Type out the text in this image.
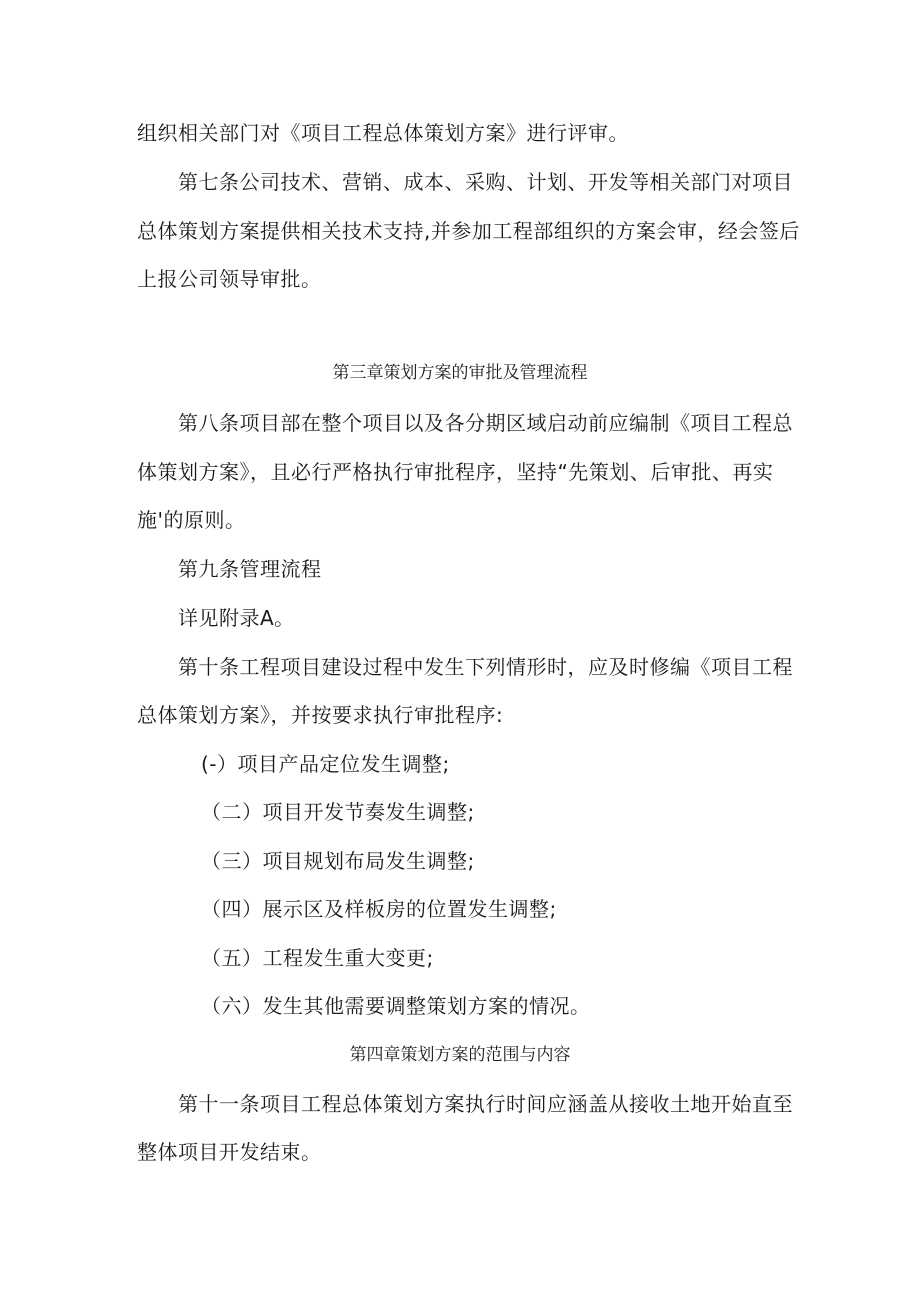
组织相关部门对《项目工程总体策划方案》进行评审。
第七条公司技术、营销、成本、采购、计划、开发等相关部门对项目
总体策划方案提供相关技术支持,并参加工程部组织的方案会审，经会签后
上报公司领导审批。
第三章策划方案的审批及管理流程
第八条项目部在整个项目以及各分期区域启动前应编制《项目工程总
体策划方案》，且必行严格执行审批程序，坚持“先策划、后审批、再实
施'的原则。
第九条管理流程
详见附录A。
第十条工程项目建设过程中发生下列情形时，应及时修编《项目工程
总体策划方案》，并按要求执行审批程序:
(-）项目产品定位发生调整;
（二）项目开发节奏发生调整;
（三）项目规划布局发生调整;
（四）展示区及样板房的位置发生调整;
（五）工程发生重大变更;
（六）发生其他需要调整策划方案的情况。
第四章策划方案的范围与内容
第十一条项目工程总体策划方案执行时间应涵盖从接收土地开始直至
整体项目开发结束。
